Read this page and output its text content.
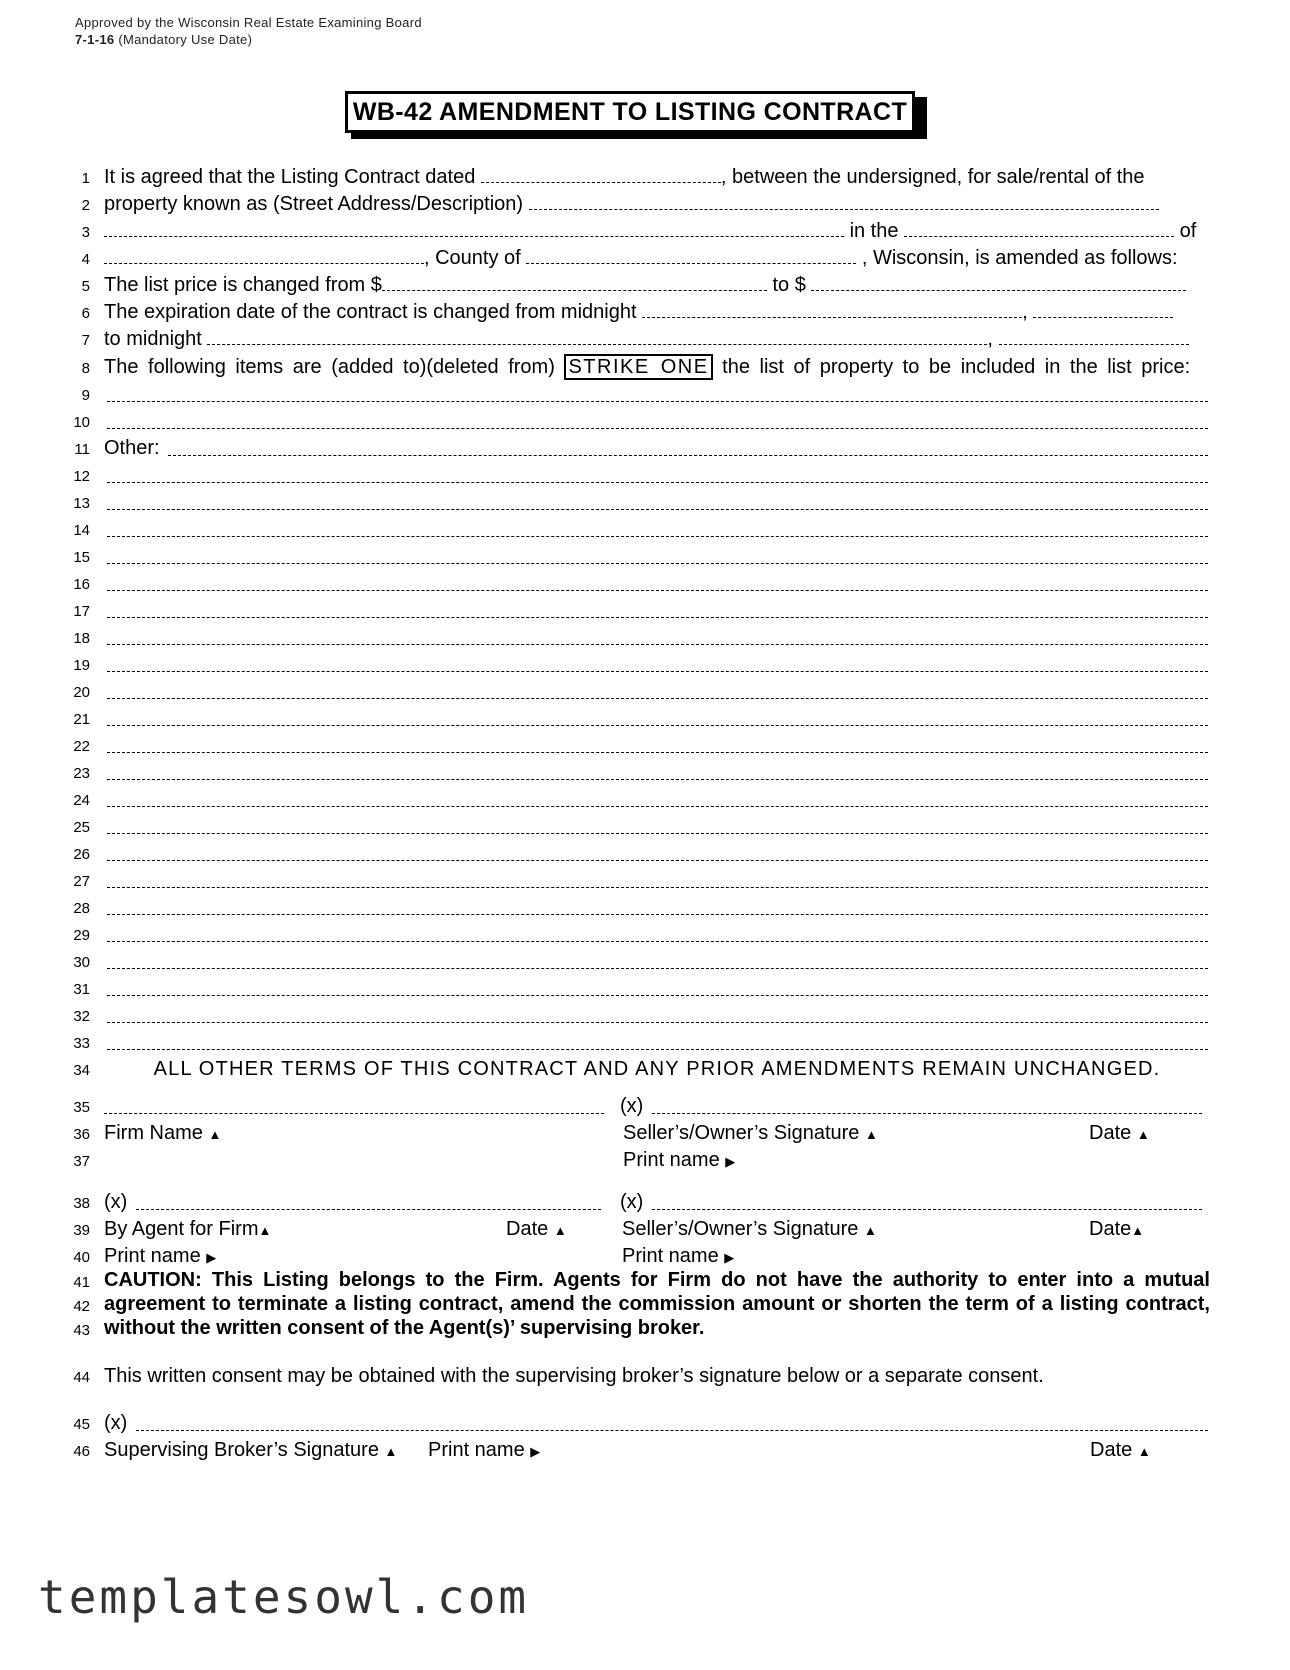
Approved by the Wisconsin Real Estate Examining Board
7-1-16 (Mandatory Use Date)
WB-42 AMENDMENT TO LISTING CONTRACT
1 It is agreed that the Listing Contract dated	, between the undersigned, for sale/rental of the
2 property known as (Street Address/Description)
3	in the	of
4	, County of	, Wisconsin, is amended as follows:
5 The list price is changed from $	to $
6 The expiration date of the contract is changed from midnight	,
7 to midnight	,
8 The following items are (added to)(deleted from) STRIKE ONE the list of property to be included in the list price:
9
10
11 Other:
12
13
14
15
16
17
18
19
20
21
22
23
24
25
26
27
28
29
30
31
32
33
34	ALL OTHER TERMS OF THIS CONTRACT AND ANY PRIOR AMENDMENTS REMAIN UNCHANGED.
35	(x)
36 Firm Name ▲	Seller’s/Owner’s Signature ▲	Date ▲
37	Print name ▶
38 (x)	(x)
39 By Agent for Firm▲	Date ▲	Seller’s/Owner’s Signature ▲	Date▲
40 Print name ▶	Print name ▶
41
42
43
CAUTION: This Listing belongs to the Firm. Agents for Firm do not have the authority to enter into a mutual agreement to terminate a listing contract, amend the commission amount or shorten the term of a listing contract, without the written consent of the Agent(s)’ supervising broker.
44 This written consent may be obtained with the supervising broker’s signature below or a separate consent.
45 (x)
46 Supervising Broker’s Signature ▲ Print name ▶	Date ▲
templatesowl.com
